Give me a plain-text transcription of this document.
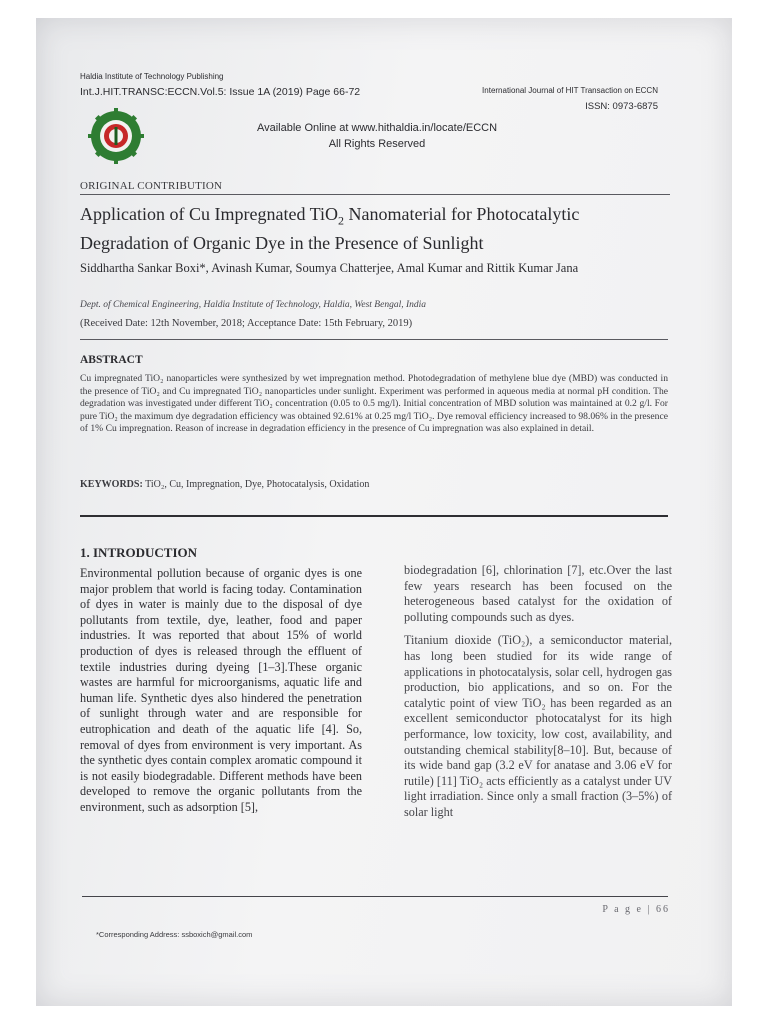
Haldia Institute of Technology Publishing
Int.J.HIT.TRANSC:ECCN.Vol.5: Issue 1A (2019) Page 66-72	International Journal of HIT Transaction on ECCN
ISSN: 0973-6875
Available Online at www.hithaldia.in/locate/ECCN
All Rights Reserved
ORIGINAL CONTRIBUTION
Application of Cu Impregnated TiO$_2$ Nanomaterial for Photocatalytic
Degradation of Organic Dye in the Presence of Sunlight
Siddhartha Sankar Boxi*, Avinash Kumar, Soumya Chatterjee, Amal Kumar and Rittik Kumar Jana
Dept. of Chemical Engineering, Haldia Institute of Technology, Haldia, West Bengal, India
(Received Date: 12th November, 2018; Acceptance Date: 15th February, 2019)
ABSTRACT
Cu impregnated TiO₂ nanoparticles were synthesized by wet impregnation method. Photodegradation of methylene blue dye (MBD) was conducted in the presence of TiO₂ and Cu impregnated TiO₂ nanoparticles under sunlight. Experiment was performed in aqueous media at normal pH condition. The degradation was investigated under different TiO₂ concentration (0.05 to 0.5 mg/l). Initial concentration of MBD solution was maintained at 0.2 g/l. For pure TiO₂ the maximum dye degradation efficiency was obtained 92.61% at 0.25 mg/l TiO₂. Dye removal efficiency increased to 98.06% in the presence of 1% Cu impregnation. Reason of increase in degradation efficiency in the presence of Cu impregnation was also explained in detail.
KEYWORDS: TiO₂, Cu, Impregnation, Dye, Photocatalysis, Oxidation
1. INTRODUCTION
Environmental pollution because of organic dyes is one major problem that world is facing today. Contamination of dyes in water is mainly due to the disposal of dye pollutants from textile, dye, leather, food and paper industries. It was reported that about 15% of world production of dyes is released through the effluent of textile industries during dyeing [1–3].These organic wastes are harmful for microorganisms, aquatic life and human life. Synthetic dyes also hindered the penetration of sunlight through water and are responsible for eutrophication and death of the aquatic life [4]. So, removal of dyes from environment is very important. As the synthetic dyes contain complex aromatic compound it is not easily biodegradable. Different methods have been developed to remove the organic pollutants from the environment, such as adsorption [5],

biodegradation [6], chlorination [7], etc.Over the last few years research has been focused on the heterogeneous based catalyst for the oxidation of polluting compounds such as dyes.

Titanium dioxide (TiO₂), a semiconductor material, has long been studied for its wide range of applications in photocatalysis, solar cell, hydrogen gas production, bio applications, and so on. For the catalytic point of view TiO₂ has been regarded as an excellent semiconductor photocatalyst for its high performance, low toxicity, low cost, availability, and outstanding chemical stability[8–10]. But, because of its wide band gap (3.2 eV for anatase and 3.06 eV for rutile) [11] TiO₂ acts efficiently as a catalyst under UV light irradiation. Since only a small fraction (3–5%) of solar light

P a g e | 66
*Corresponding Address: ssboxich@gmail.com
